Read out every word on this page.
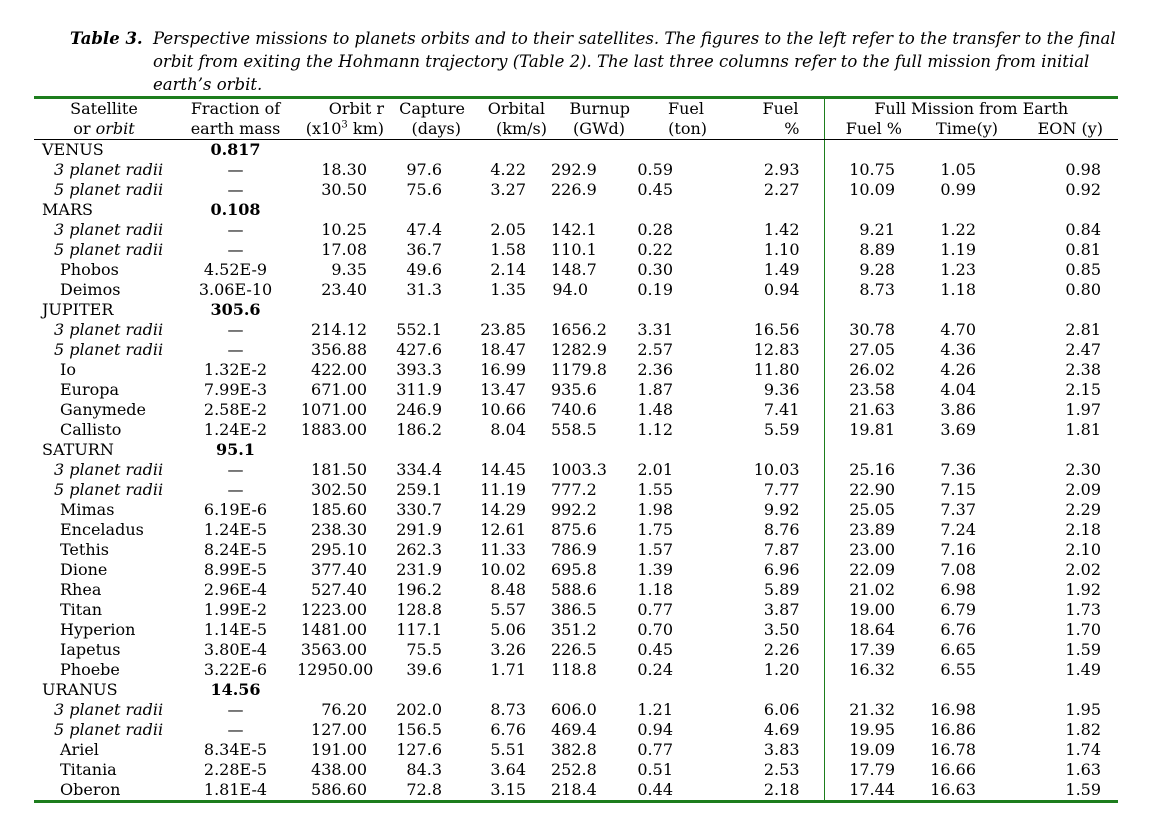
Table 3. Perspective missions to planets orbits and to their satellites. The figures to the left refer to the transfer to the final orbit from exiting the Hohmann trajectory (Table 2). The last three columns refer to the full mission from initial earth’s orbit.
Satellite	Fraction of	Orbit r	Capture	Orbital	Burnup	Fuel	Fuel	Full Mission from Earth		
or orbit	earth mass	($x10^3$ km)	(days)	(km/s)	(GWd)	(ton)	%	Fuel %	Time(y)	EON (y)
VENUS	0.817									
3 planet radii	—	18.30	97.6	4.22	292.9	0.59	2.93	10.75	1.05	0.98
5 planet radii	—	30.50	75.6	3.27	226.9	0.45	2.27	10.09	0.99	0.92
MARS	0.108									
3 planet radii	—	10.25	47.4	2.05	142.1	0.28	1.42	9.21	1.22	0.84
5 planet radii	—	17.08	36.7	1.58	110.1	0.22	1.10	8.89	1.19	0.81
Phobos	4.52E-9	9.35	49.6	2.14	148.7	0.30	1.49	9.28	1.23	0.85
Deimos	3.06E-10	23.40	31.3	1.35	94.0	0.19	0.94	8.73	1.18	0.80
JUPITER	305.6									
3 planet radii	—	214.12	552.1	23.85	1656.2	3.31	16.56	30.78	4.70	2.81
5 planet radii	—	356.88	427.6	18.47	1282.9	2.57	12.83	27.05	4.36	2.47
Io	1.32E-2	422.00	393.3	16.99	1179.8	2.36	11.80	26.02	4.26	2.38
Europa	7.99E-3	671.00	311.9	13.47	935.6	1.87	9.36	23.58	4.04	2.15
Ganymede	2.58E-2	1071.00	246.9	10.66	740.6	1.48	7.41	21.63	3.86	1.97
Callisto	1.24E-2	1883.00	186.2	8.04	558.5	1.12	5.59	19.81	3.69	1.81
SATURN	95.1									
3 planet radii	—	181.50	334.4	14.45	1003.3	2.01	10.03	25.16	7.36	2.30
5 planet radii	—	302.50	259.1	11.19	777.2	1.55	7.77	22.90	7.15	2.09
Mimas	6.19E-6	185.60	330.7	14.29	992.2	1.98	9.92	25.05	7.37	2.29
Enceladus	1.24E-5	238.30	291.9	12.61	875.6	1.75	8.76	23.89	7.24	2.18
Tethis	8.24E-5	295.10	262.3	11.33	786.9	1.57	7.87	23.00	7.16	2.10
Dione	8.99E-5	377.40	231.9	10.02	695.8	1.39	6.96	22.09	7.08	2.02
Rhea	2.96E-4	527.40	196.2	8.48	588.6	1.18	5.89	21.02	6.98	1.92
Titan	1.99E-2	1223.00	128.8	5.57	386.5	0.77	3.87	19.00	6.79	1.73
Hyperion	1.14E-5	1481.00	117.1	5.06	351.2	0.70	3.50	18.64	6.76	1.70
Iapetus	3.80E-4	3563.00	75.5	3.26	226.5	0.45	2.26	17.39	6.65	1.59
Phoebe	3.22E-6	12950.00	39.6	1.71	118.8	0.24	1.20	16.32	6.55	1.49
URANUS	14.56									
3 planet radii	—	76.20	202.0	8.73	606.0	1.21	6.06	21.32	16.98	1.95
5 planet radii	—	127.00	156.5	6.76	469.4	0.94	4.69	19.95	16.86	1.82
Ariel	8.34E-5	191.00	127.6	5.51	382.8	0.77	3.83	19.09	16.78	1.74
Titania	2.28E-5	438.00	84.3	3.64	252.8	0.51	2.53	17.79	16.66	1.63
Oberon	1.81E-4	586.60	72.8	3.15	218.4	0.44	2.18	17.44	16.63	1.59
